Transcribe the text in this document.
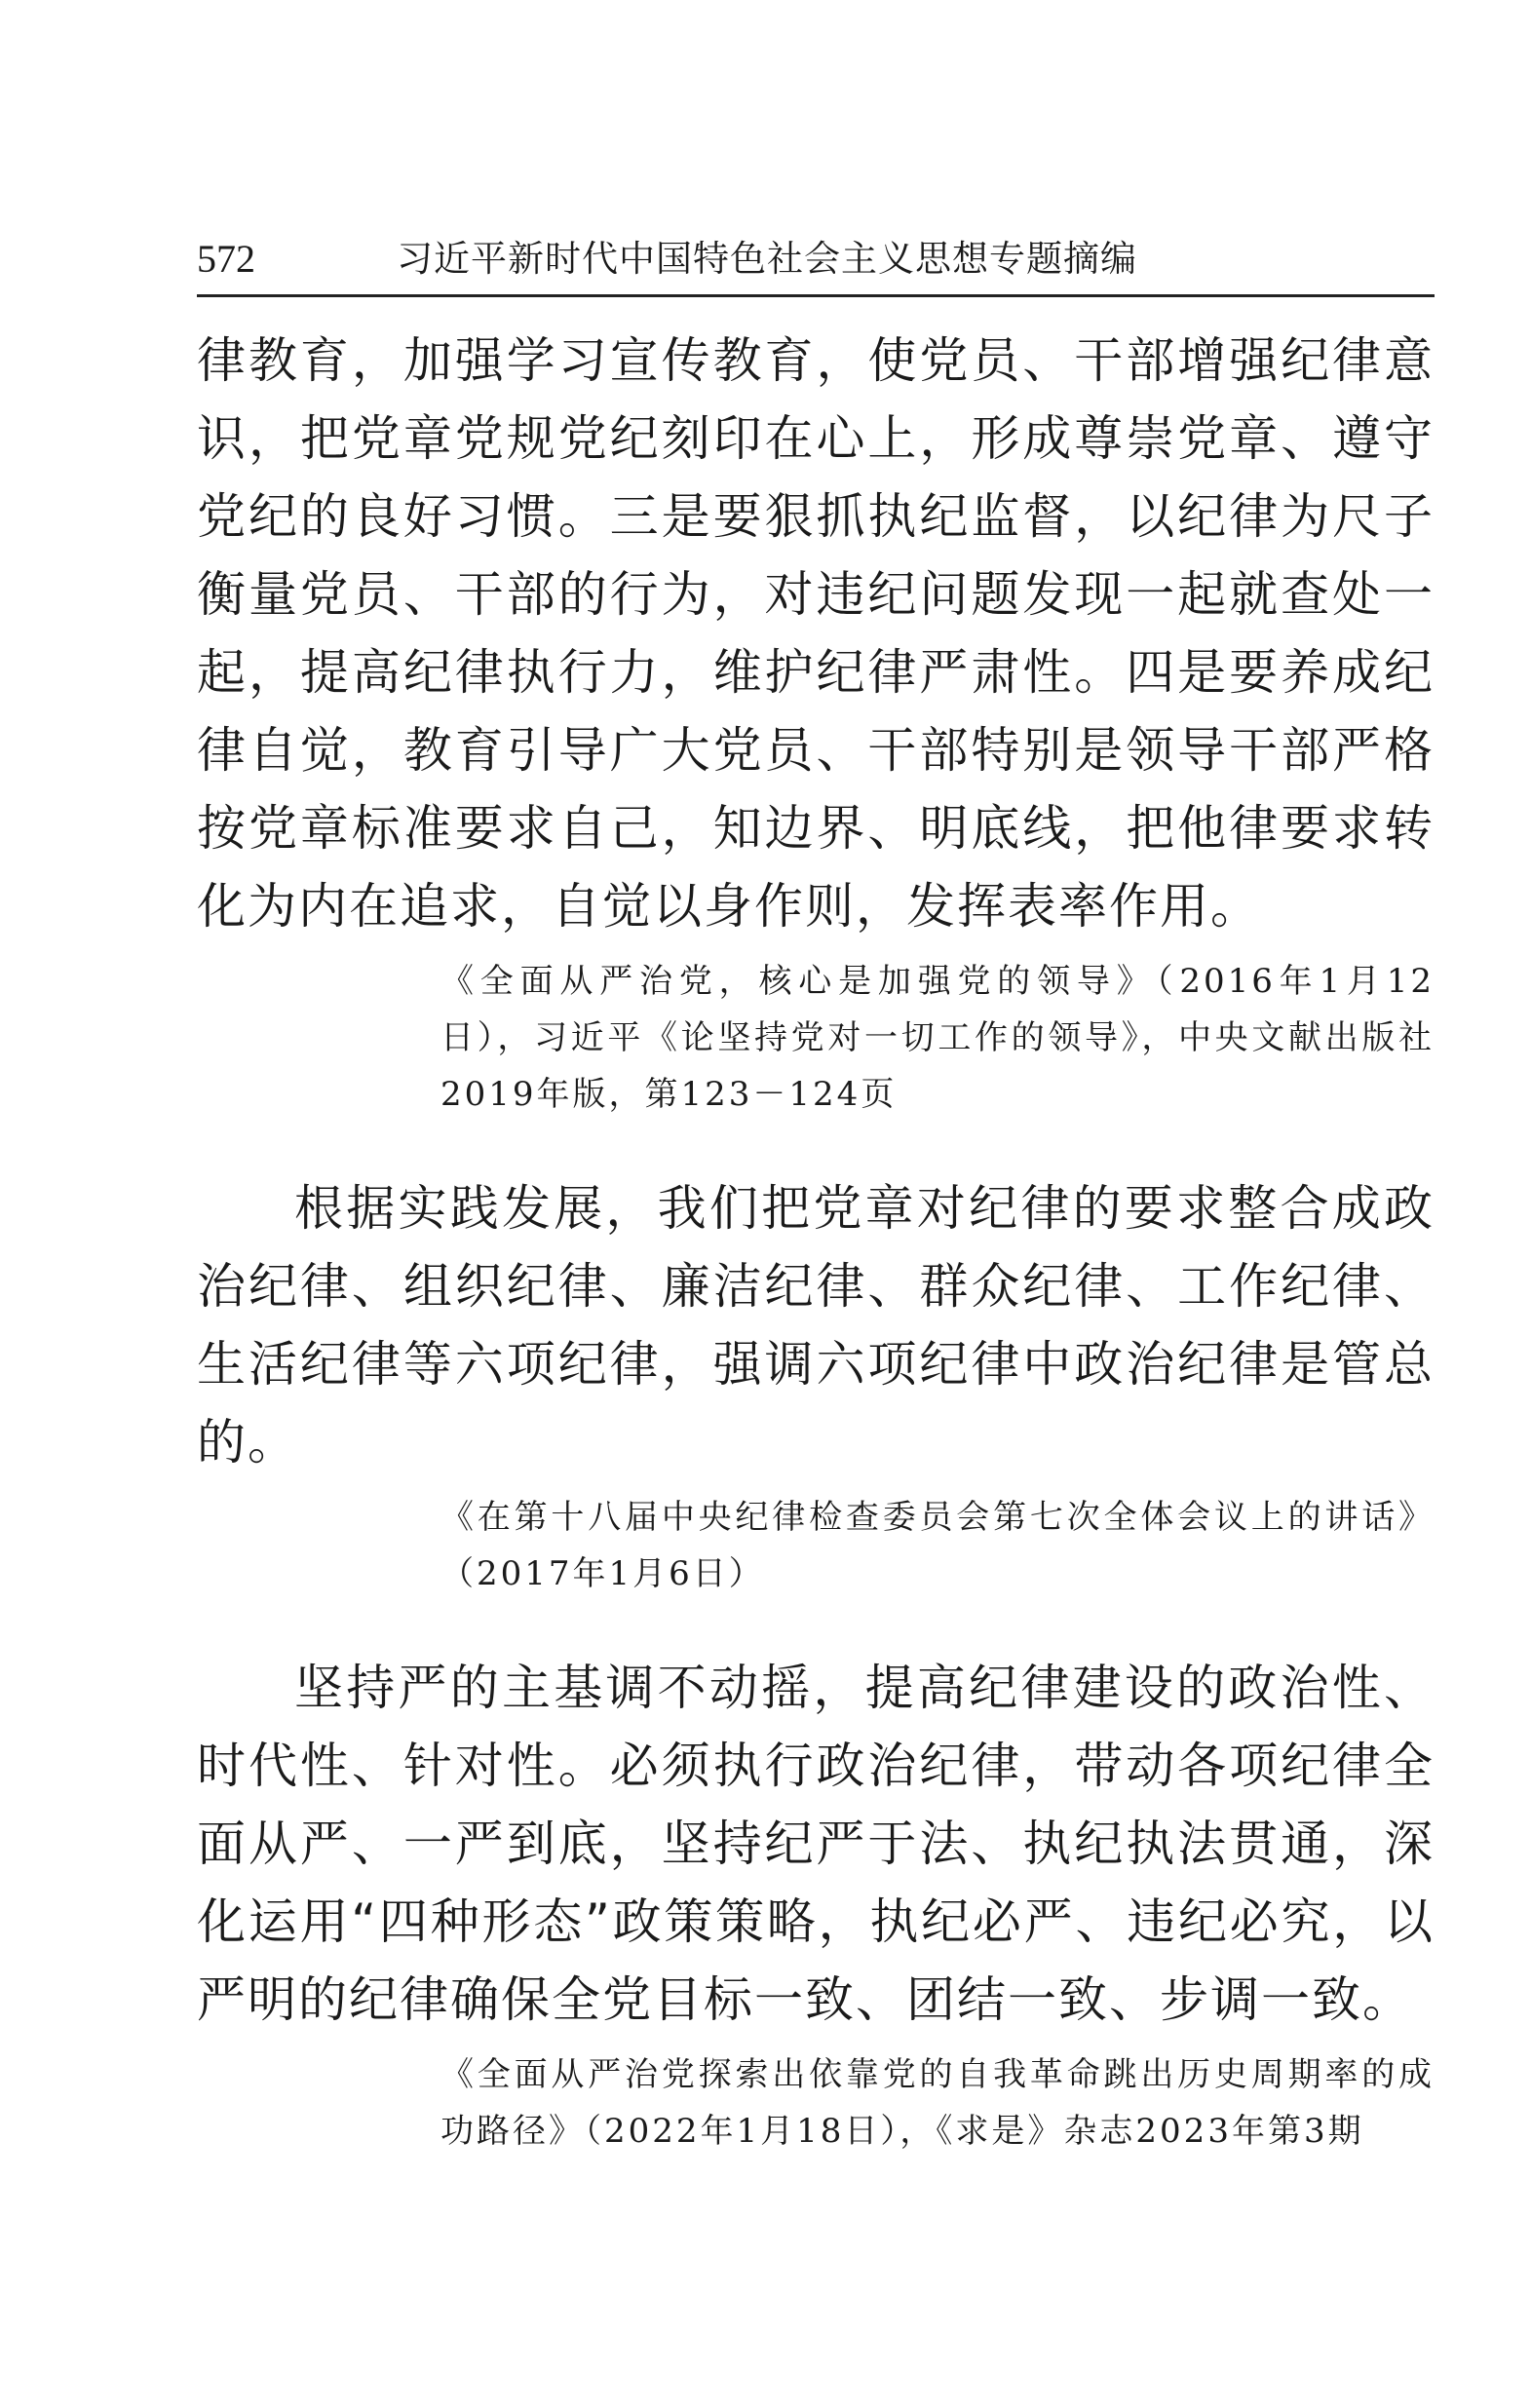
572	习近平新时代中国特色社会主义思想专题摘编

律教育，加强学习宣传教育，使党员、干部增强纪律意识，把党章党规党纪刻印在心上，形成尊崇党章、遵守党纪的良好习惯。三是要狠抓执纪监督，以纪律为尺子衡量党员、干部的行为，对违纪问题发现一起就查处一起，提高纪律执行力，维护纪律严肃性。四是要养成纪律自觉，教育引导广大党员、干部特别是领导干部严格按党章标准要求自己，知边界、明底线，把他律要求转化为内在追求，自觉以身作则，发挥表率作用。

《全面从严治党，核心是加强党的领导》（2016年1月12日），习近平《论坚持党对一切工作的领导》，中央文献出版社2019年版，第123－124页

根据实践发展，我们把党章对纪律的要求整合成政治纪律、组织纪律、廉洁纪律、群众纪律、工作纪律、生活纪律等六项纪律，强调六项纪律中政治纪律是管总的。

《在第十八届中央纪律检查委员会第七次全体会议上的讲话》（2017年1月6日）

坚持严的主基调不动摇，提高纪律建设的政治性、时代性、针对性。必须执行政治纪律，带动各项纪律全面从严、一严到底，坚持纪严于法、执纪执法贯通，深化运用“四种形态”政策策略，执纪必严、违纪必究，以严明的纪律确保全党目标一致、团结一致、步调一致。

《全面从严治党探索出依靠党的自我革命跳出历史周期率的成功路径》（2022年1月18日），《求是》杂志2023年第3期
